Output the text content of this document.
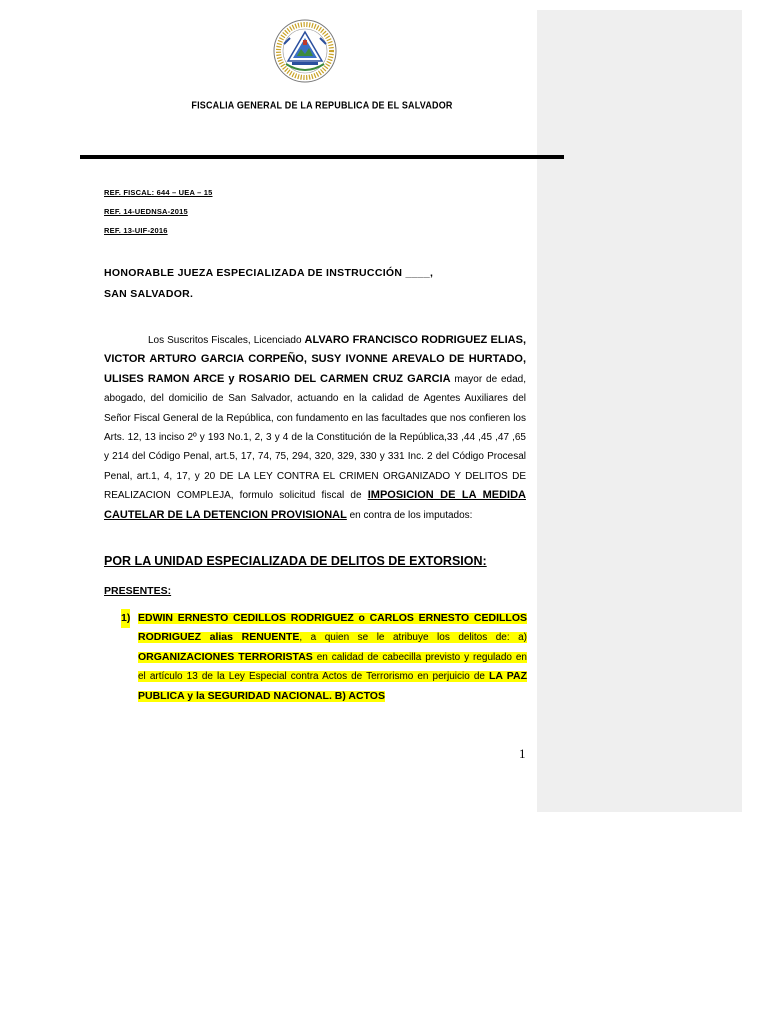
FISCALIA GENERAL DE LA REPUBLICA DE EL SALVADOR
REF. FISCAL: 644 – UEA – 15
REF. 14-UEDNSA-2015
REF. 13-UIF-2016
HONORABLE JUEZA ESPECIALIZADA DE INSTRUCCIÓN ____,
SAN SALVADOR.
Los Suscritos Fiscales, Licenciado ALVARO FRANCISCO RODRIGUEZ ELIAS, VICTOR ARTURO GARCIA CORPEÑO, SUSY IVONNE AREVALO DE HURTADO, ULISES RAMON ARCE y ROSARIO DEL CARMEN CRUZ GARCIA mayor de edad, abogado, del domicilio de San Salvador, actuando en la calidad de Agentes Auxiliares del Señor Fiscal General de la República, con fundamento en las facultades que nos confieren los Arts. 12, 13 inciso 2º y 193 No.1, 2, 3 y 4 de la Constitución de la República,33 ,44 ,45 ,47 ,65 y 214 del Código Penal, art.5, 17, 74, 75, 294, 320, 329, 330 y 331 Inc. 2 del Código Procesal Penal, art.1, 4, 17, y 20 DE LA LEY CONTRA EL CRIMEN ORGANIZADO Y DELITOS DE REALIZACION COMPLEJA, formulo solicitud fiscal de IMPOSICION DE LA MEDIDA CAUTELAR DE LA DETENCION PROVISIONAL en contra de los imputados:
POR LA UNIDAD ESPECIALIZADA DE DELITOS DE EXTORSION:
PRESENTES:
1) EDWIN ERNESTO CEDILLOS RODRIGUEZ o CARLOS ERNESTO CEDILLOS RODRIGUEZ alias RENUENTE, a quien se le atribuye los delitos de: a) ORGANIZACIONES TERRORISTAS en calidad de cabecilla previsto y regulado en el artículo 13 de la Ley Especial contra Actos de Terrorismo en perjuicio de LA PAZ PUBLICA y la SEGURIDAD NACIONAL. B) ACTOS
1
